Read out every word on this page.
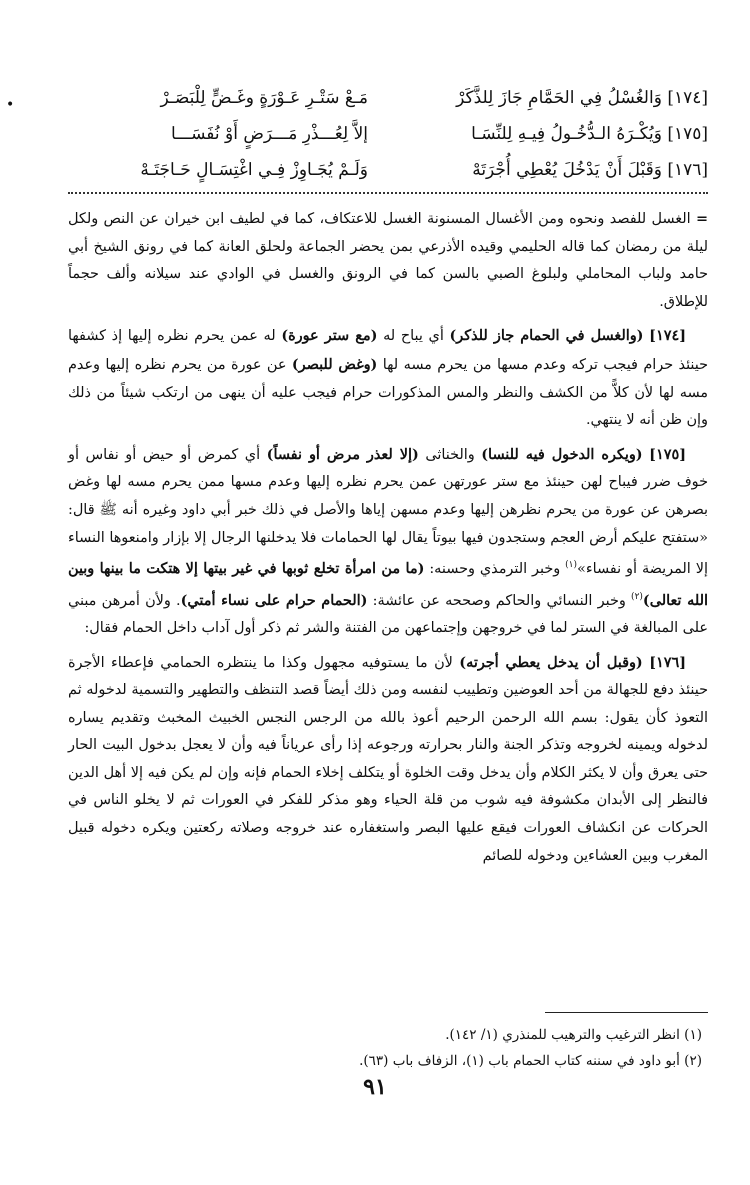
•	[١٧٤] وَالغُسْلُ فِي الحَمَّامِ جَازَ لِلذَّكَرْ
مَـعْ سَتْـرِ عَـوْرَةٍ وغَـضٍّ لِلْبَصَـرْ
[١٧٥] وَيُكْـرَهُ الـدُّخُـولُ فِيـهِ لِلنِّسَـا
إلاَّ لِعُـــذْرِ مَـــرَضٍ أَوْ نُفَسَـــا
[١٧٦] وَقَبْلَ أَنْ يَدْخُلَ يُعْطِي أُجْرَتَهْ
وَلَـمْ يُجَـاوِزْ فِـي اغْتِسَـالٍ حَـاجَتَـهْ

= الغسل للفصد ونحوه ومن الأغسال المسنونة الغسل للاعتكاف، كما في لطيف ابن خيران عن النص ولكل ليلة من رمضان كما قاله الحليمي وقيده الأذرعي بمن يحضر الجماعة ولحلق العانة كما في رونق الشيخ أبي حامد ولباب المحاملي ولبلوغ الصبي بالسن كما في الرونق والغسل في الوادي عند سيلانه وألف حجماً للإطلاق.

[١٧٤] (والغسل في الحمام جاز للذكر) أي يباح له (مع ستر عورة) له عمن يحرم نظره إليها إذ كشفها حينئذ حرام فيجب تركه وعدم مسها من يحرم مسه لها (وغض للبصر) عن عورة من يحرم نظره إليها وعدم مسه لها لأن كلاًّ من الكشف والنظر والمس المذكورات حرام فيجب عليه أن ينهى من ارتكب شيئاً من ذلك وإن ظن أنه لا ينتهي.

[١٧٥] (ويكره الدخول فيه للنسا) والخناثى (إلا لعذر مرض أو نفساً) أي كمرض أو حيض أو نفاس أو خوف ضرر فيباح لهن حينئذ مع ستر عورتهن عمن يحرم نظره إليها وعدم مسها ممن يحرم مسه لها وغض بصرهن عن عورة من يحرم نظرهن إليها وعدم مسهن إياها والأصل في ذلك خبر أبي داود وغيره أنه ﷺ قال: «ستفتح عليكم أرض العجم وستجدون فيها بيوتاً يقال لها الحمامات فلا يدخلنها الرجال إلا بإزار وامنعوها النساء إلا المريضة أو نفساء»$^{(١)}$ وخبر الترمذي وحسنه: (ما من امرأة تخلع ثوبها في غير بيتها إلا هتكت ما بينها وبين الله تعالى)$^{(٢)}$ وخبر النسائي والحاكم وصححه عن عائشة: (الحمام حرام على نساء أمتي). ولأن أمرهن مبني على المبالغة في الستر لما في خروجهن وإجتماعهن من الفتنة والشر ثم ذكر أول آداب داخل الحمام فقال:

[١٧٦] (وقبل أن يدخل يعطي أجرته) لأن ما يستوفيه مجهول وكذا ما ينتظره الحمامي فإعطاء الأجرة حينئذ دفع للجهالة من أحد العوضين وتطييب لنفسه ومن ذلك أيضاً قصد التنظف والتطهير والتسمية لدخوله ثم التعوذ كأن يقول: بسم الله الرحمن الرحيم أعوذ بالله من الرجس النجس الخبيث المخبث وتقديم يساره لدخوله ويمينه لخروجه وتذكر الجنة والنار بحرارته ورجوعه إذا رأى عرياناً فيه وأن لا يعجل بدخول البيت الحار حتى يعرق وأن لا يكثر الكلام وأن يدخل وقت الخلوة أو يتكلف إخلاء الحمام فإنه وإن لم يكن فيه إلا أهل الدين فالنظر إلى الأبدان مكشوفة فيه شوب من قلة الحياء وهو مذكر للفكر في العورات ثم لا يخلو الناس في الحركات عن انكشاف العورات فيقع عليها البصر واستغفاره عند خروجه وصلاته ركعتين ويكره دخوله قبيل المغرب وبين العشاءين ودخوله للصائم

(١) انظر الترغيب والترهيب للمنذري (١/ ١٤٢).
(٢) أبو داود في سننه كتاب الحمام باب (١)، الزفاف باب (٦٣).
٩١
